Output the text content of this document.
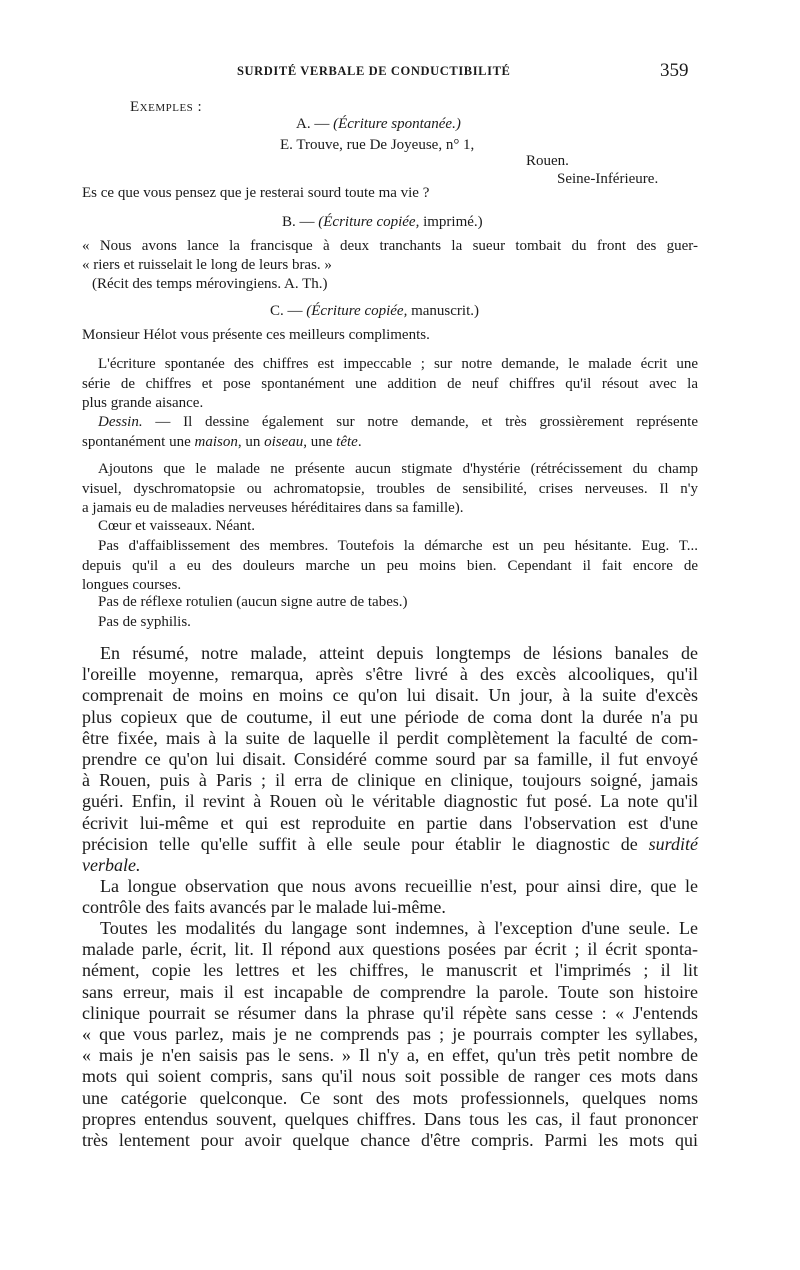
SURDITÉ VERBALE DE CONDUCTIBILITÉ	359
Exemples :
A. — (Écriture spontanée.)
E. Trouve, rue De Joyeuse, n° 1,
Rouen.
Seine-Inférieure.
Es ce que vous pensez que je resterai sourd toute ma vie ?
B. — (Écriture copiée, imprimé.)
« Nous avons lance la francisque à deux tranchants la sueur tombait du front des guer-
« riers et ruisselait le long de leurs bras. »
(Récit des temps mérovingiens. A. Th.)
C. — (Écriture copiée, manuscrit.)
Monsieur Hélot vous présente ces meilleurs compliments.

L'écriture spontanée des chiffres est impeccable ; sur notre demande, le malade écrit une

série de chiffres et pose spontanément une addition de neuf chiffres qu'il résout avec la

plus grande aisance.

Dessin. — Il dessine également sur notre demande, et très grossièrement représente

spontanément une maison, un oiseau, une tête.

Ajoutons que le malade ne présente aucun stigmate d'hystérie (rétrécissement du champ

visuel, dyschromatopsie ou achromatopsie, troubles de sensibilité, crises nerveuses. Il n'y

a jamais eu de maladies nerveuses héréditaires dans sa famille).

Cœur et vaisseaux. Néant.

Pas d'affaiblissement des membres. Toutefois la démarche est un peu hésitante. Eug. T...

depuis qu'il a eu des douleurs marche un peu moins bien. Cependant il fait encore de

longues courses.

Pas de réflexe rotulien (aucun signe autre de tabes.)

Pas de syphilis.

En résumé, notre malade, atteint depuis longtemps de lésions banales de

l'oreille moyenne, remarqua, après s'être livré à des excès alcooliques, qu'il

comprenait de moins en moins ce qu'on lui disait. Un jour, à la suite d'excès

plus copieux que de coutume, il eut une période de coma dont la durée n'a pu

être fixée, mais à la suite de laquelle il perdit complètement la faculté de com-

prendre ce qu'on lui disait. Considéré comme sourd par sa famille, il fut envoyé

à Rouen, puis à Paris ; il erra de clinique en clinique, toujours soigné, jamais

guéri. Enfin, il revint à Rouen où le véritable diagnostic fut posé. La note qu'il

écrivit lui-même et qui est reproduite en partie dans l'observation est d'une

précision telle qu'elle suffit à elle seule pour établir le diagnostic de surdité

verbale.

La longue observation que nous avons recueillie n'est, pour ainsi dire, que le

contrôle des faits avancés par le malade lui-même.

Toutes les modalités du langage sont indemnes, à l'exception d'une seule. Le

malade parle, écrit, lit. Il répond aux questions posées par écrit ; il écrit sponta-

nément, copie les lettres et les chiffres, le manuscrit et l'imprimés ; il lit

sans erreur, mais il est incapable de comprendre la parole. Toute son histoire

clinique pourrait se résumer dans la phrase qu'il répète sans cesse : « J'entends

« que vous parlez, mais je ne comprends pas ; je pourrais compter les syllabes,

« mais je n'en saisis pas le sens. » Il n'y a, en effet, qu'un très petit nombre de

mots qui soient compris, sans qu'il nous soit possible de ranger ces mots dans

une catégorie quelconque. Ce sont des mots professionnels, quelques noms

propres entendus souvent, quelques chiffres. Dans tous les cas, il faut prononcer

très lentement pour avoir quelque chance d'être compris. Parmi les mots qui
